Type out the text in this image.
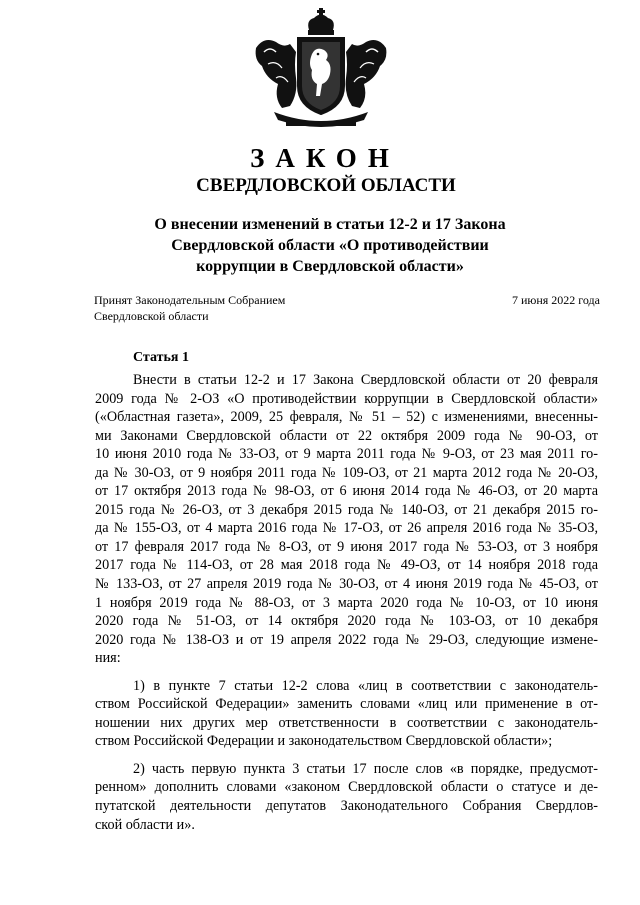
ЗАКОН
СВЕРДЛОВСКОЙ ОБЛАСТИ
О внесении изменений в статьи 12-2 и 17 Закона
Свердловской области «О противодействии
коррупции в Свердловской области»
Принят Законодательным Собранием
Свердловской области
7 июня 2022 года
Статья 1
Внести в статьи 12-2 и 17 Закона Свердловской области от 20 февраля
2009 года № 2-ОЗ «О противодействии коррупции в Свердловской области»
(«Областная газета», 2009, 25 февраля, № 51 – 52) с изменениями, внесенны-
ми Законами Свердловской области от 22 октября 2009 года № 90-ОЗ, от
10 июня 2010 года № 33-ОЗ, от 9 марта 2011 года № 9-ОЗ, от 23 мая 2011 го-
да № 30-ОЗ, от 9 ноября 2011 года № 109-ОЗ, от 21 марта 2012 года № 20-ОЗ,
от 17 октября 2013 года № 98-ОЗ, от 6 июня 2014 года № 46-ОЗ, от 20 марта
2015 года № 26-ОЗ, от 3 декабря 2015 года № 140-ОЗ, от 21 декабря 2015 го-
да № 155-ОЗ, от 4 марта 2016 года № 17-ОЗ, от 26 апреля 2016 года № 35-ОЗ,
от 17 февраля 2017 года № 8-ОЗ, от 9 июня 2017 года № 53-ОЗ, от 3 ноября
2017 года № 114-ОЗ, от 28 мая 2018 года № 49-ОЗ, от 14 ноября 2018 года
№ 133-ОЗ, от 27 апреля 2019 года № 30-ОЗ, от 4 июня 2019 года № 45-ОЗ, от
1 ноября 2019 года № 88-ОЗ, от 3 марта 2020 года № 10-ОЗ, от 10 июня
2020 года № 51-ОЗ, от 14 октября 2020 года № 103-ОЗ, от 10 декабря
2020 года № 138-ОЗ и от 19 апреля 2022 года № 29-ОЗ, следующие измене-
ния:
1) в пункте 7 статьи 12-2 слова «лиц в соответствии с законодатель-
ством Российской Федерации» заменить словами «лиц или применение в от-
ношении них других мер ответственности в соответствии с законодатель-
ством Российской Федерации и законодательством Свердловской области»;
2) часть первую пункта 3 статьи 17 после слов «в порядке, предусмот-
ренном» дополнить словами «законом Свердловской области о статусе и де-
путатской деятельности депутатов Законодательного Собрания Свердлов-
ской области и».
